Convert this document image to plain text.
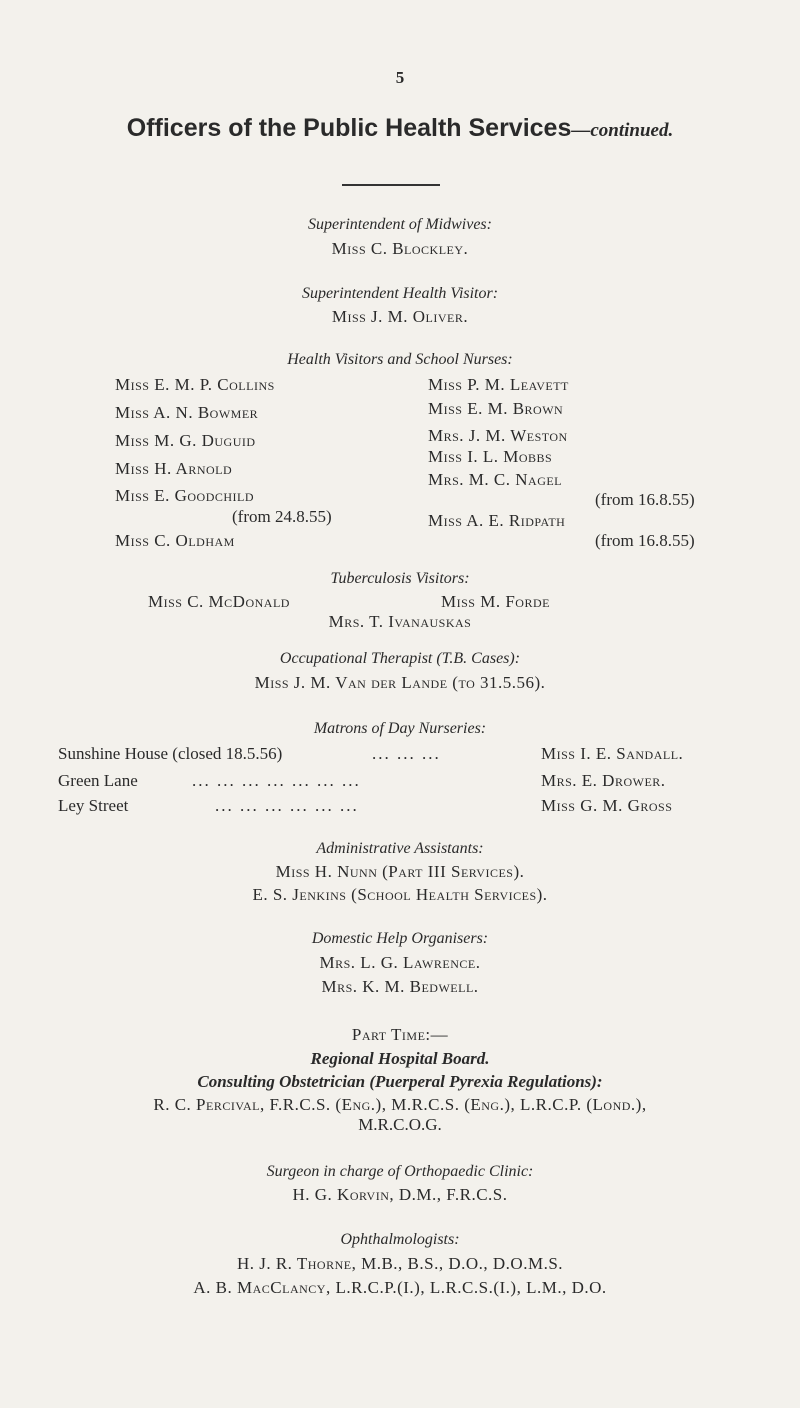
5
Officers of the Public Health Services—continued.
Superintendent of Midwives:
Miss C. Blockley.
Superintendent Health Visitor:
Miss J. M. Oliver.
Health Visitors and School Nurses:
Miss E. M. P. Collins
Miss A. N. Bowmer
Miss M. G. Duguid
Miss H. Arnold
Miss E. Goodchild
(from 24.8.55)
Miss C. Oldham
Miss P. M. Leavett
Miss E. M. Brown
Mrs. J. M. Weston
Miss I. L. Mobbs
Mrs. M. C. Nagel
(from 16.8.55)
Miss A. E. Ridpath
(from 16.8.55)
Tuberculosis Visitors:
Miss C. McDonald	Miss M. Forde
Mrs. T. Ivanauskas
Occupational Therapist (T.B. Cases):
Miss J. M. Van der Lande (to 31.5.56).
Matrons of Day Nurseries:
Sunshine House (closed 18.5.56)	... ... ...	Miss I. E. Sandall.
Green Lane	... ... ... ... ... ... ...	Mrs. E. Drower.
Ley Street	... ... ... ... ... ...	Miss G. M. Gross
Administrative Assistants:
Miss H. Nunn (Part III Services).
E. S. Jenkins (School Health Services).
Domestic Help Organisers:
Mrs. L. G. Lawrence.
Mrs. K. M. Bedwell.
Part Time:—
Regional Hospital Board.
Consulting Obstetrician (Puerperal Pyrexia Regulations):
R. C. Percival, F.R.C.S. (Eng.), M.R.C.S. (Eng.), L.R.C.P. (Lond.),
M.R.C.O.G.
Surgeon in charge of Orthopaedic Clinic:
H. G. Korvin, D.M., F.R.C.S.
Ophthalmologists:
H. J. R. Thorne, M.B., B.S., D.O., D.O.M.S.
A. B. MacClancy, L.R.C.P.(I.), L.R.C.S.(I.), L.M., D.O.
